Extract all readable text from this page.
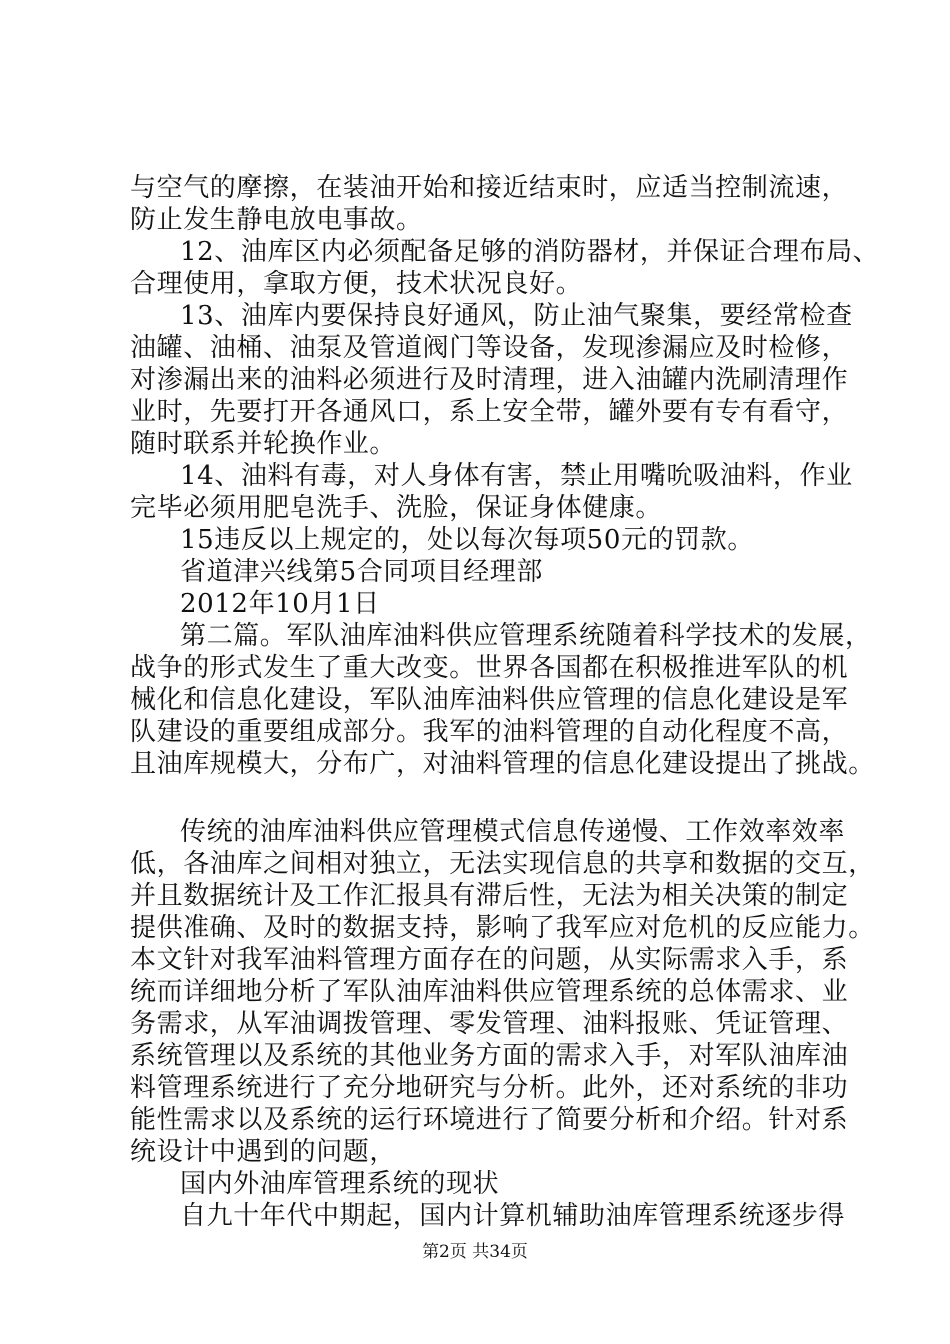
与空气的摩擦，在装油开始和接近结束时，应适当控制流速，
防止发生静电放电事故。
12、油库区内必须配备足够的消防器材，并保证合理布局、
合理使用，拿取方便，技术状况良好。
13、油库内要保持良好通风，防止油气聚集，要经常检查
油罐、油桶、油泵及管道阀门等设备，发现渗漏应及时检修，
对渗漏出来的油料必须进行及时清理，进入油罐内洗刷清理作
业时，先要打开各通风口，系上安全带，罐外要有专有看守，
随时联系并轮换作业。
14、油料有毒，对人身体有害，禁止用嘴吮吸油料，作业
完毕必须用肥皂洗手、洗脸，保证身体健康。
15违反以上规定的，处以每次每项50元的罚款。
省道津兴线第5合同项目经理部
2012年10月1日
第二篇。军队油库油料供应管理系统随着科学技术的发展，
战争的形式发生了重大改变。世界各国都在积极推进军队的机
械化和信息化建设，军队油库油料供应管理的信息化建设是军
队建设的重要组成部分。我军的油料管理的自动化程度不高，
且油库规模大，分布广，对油料管理的信息化建设提出了挑战。
传统的油库油料供应管理模式信息传递慢、工作效率效率
低，各油库之间相对独立，无法实现信息的共享和数据的交互，
并且数据统计及工作汇报具有滞后性，无法为相关决策的制定
提供准确、及时的数据支持，影响了我军应对危机的反应能力。
本文针对我军油料管理方面存在的问题，从实际需求入手，系
统而详细地分析了军队油库油料供应管理系统的总体需求、业
务需求，从军油调拨管理、零发管理、油料报账、凭证管理、
系统管理以及系统的其他业务方面的需求入手，对军队油库油
料管理系统进行了充分地研究与分析。此外，还对系统的非功
能性需求以及系统的运行环境进行了简要分析和介绍。针对系
统设计中遇到的问题，
国内外油库管理系统的现状
自九十年代中期起，国内计算机辅助油库管理系统逐步得
第2页 共34页
